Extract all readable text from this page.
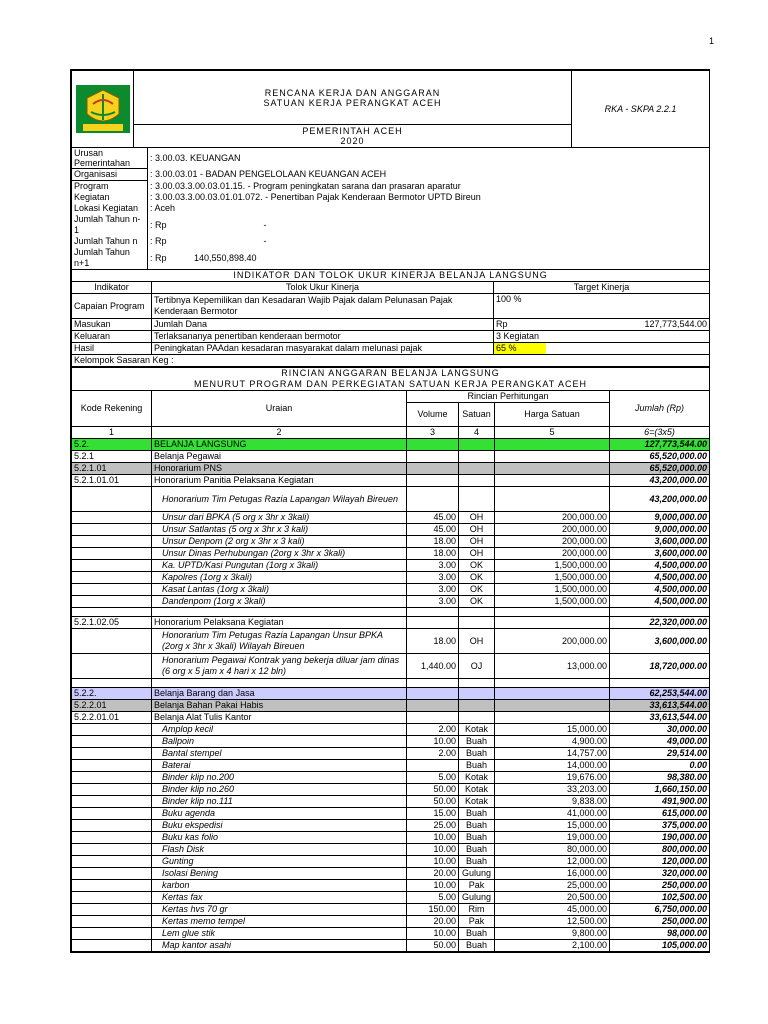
1

RENCANA KERJA DAN ANGGARAN
SATUAN KERJA PERANGKAT ACEH
	RKA - SKPA 2.2.1

PEMERINTAH ACEH
2020
Urusan Pemerintahan	: 3.00.03. KEUANGAN
Organisasi	: 3.00.03.01 - BADAN PENGELOLAAN KEUANGAN ACEH
Program	: 3.00.03.3.00.03.01.15. - Program peningkatan sarana dan prasaran aparatur
Kegiatan	: 3.00.03.3.00.03.01.01.072. - Penertiban Pajak Kenderaan Bermotor UPTD Bireun
Lokasi Kegiatan	: Aceh
Jumlah Tahun n-1	: Rp -
Jumlah Tahun n	: Rp -
Jumlah Tahun n+1	: Rp 140,550,898.40
INDIKATOR DAN TOLOK UKUR KINERJA BELANJA LANGSUNG			
Indikator	Tolok Ukur Kinerja	Target Kinerja	
Capaian Program	Tertibnya Kepemilikan dan Kesadaran Wajib Pajak dalam Pelunasan Pajak Kenderaan Bermotor	100 %	
Masukan	Jumlah Dana	Rp	127,773,544.00
Keluaran	Terlaksananya penertiban kenderaan bermotor	3 Kegiatan	
Hasil	Peningkatan PAAdan kesadaran masyarakat dalam melunasi pajak	65 %	
Kelompok Sasaran Keg :			
RINCIAN ANGGARAN BELANJA LANGSUNG					
MENURUT PROGRAM DAN PERKEGIATAN SATUAN KERJA PERANGKAT ACEH					
Kode Rekening	Uraian	Rincian Perhitungan			Jumlah (Rp)
		Volume	Satuan	Harga Satuan	
1	2	3	4	5	6=(3x5)
5.2.	BELANJA LANGSUNG				127,773,544.00
5.2.1	Belanja Pegawai				65,520,000.00
5.2.1.01	Honorarium PNS				65,520,000.00
5.2.1.01.01	Honorarium Panitia Pelaksana Kegiatan				43,200,000.00
	Honorarium Tim Petugas Razia Lapangan Wilayah Bireuen				43,200,000.00
	Unsur dari BPKA (5 org x 3hr x 3kali)	45.00	OH	200,000.00	9,000,000.00
	Unsur Satlantas (5 org x 3hr x 3 kali)	45.00	OH	200,000.00	9,000,000.00
	Unsur Denpom (2 org x 3hr x 3 kali)	18.00	OH	200,000.00	3,600,000.00
	Unsur Dinas Perhubungan (2org x 3hr x 3kali)	18.00	OH	200,000.00	3,600,000.00
	Ka. UPTD/Kasi Pungutan (1org x 3kali)	3.00	OK	1,500,000.00	4,500,000.00
	Kapolres (1org x 3kali)	3.00	OK	1,500,000.00	4,500,000.00
	Kasat Lantas (1org x 3kali)	3.00	OK	1,500,000.00	4,500,000.00
	Dandenpom (1org x 3kali)	3.00	OK	1,500,000.00	4,500,000.00

5.2.1.02.05	Honorarium Pelaksana Kegiatan				22,320,000.00
	Honorarium Tim Petugas Razia Lapangan Unsur BPKA (2org x 3hr x 3kali) Wilayah Bireuen	18.00	OH	200,000.00	3,600,000.00
	Honorarium Pegawai Kontrak yang bekerja diluar jam dinas (6 org x 5 jam x 4 hari x 12 bln)	1,440.00	OJ	13,000.00	18,720,000.00

5.2.2.	Belanja Barang dan Jasa				62,253,544.00
5.2.2.01	Belanja Bahan Pakai Habis				33,613,544.00
5.2.2.01.01	Belanja Alat Tulis Kantor				33,613,544.00
	Amplop kecil	2.00	Kotak	15,000.00	30,000.00
	Ballpoin	10.00	Buah	4,900.00	49,000.00
	Bantal stempel	2.00	Buah	14,757.00	29,514.00
	Baterai		Buah	14,000.00	0.00
	Binder klip no.200	5.00	Kotak	19,676.00	98,380.00
	Binder klip no.260	50.00	Kotak	33,203.00	1,660,150.00
	Binder klip no.111	50.00	Kotak	9,838.00	491,900.00
	Buku agenda	15.00	Buah	41,000.00	615,000.00
	Buku ekspedisi	25.00	Buah	15,000.00	375,000.00
	Buku kas folio	10.00	Buah	19,000.00	190,000.00
	Flash Disk	10.00	Buah	80,000.00	800,000.00
	Gunting	10.00	Buah	12,000.00	120,000.00
	Isolasi Bening	20.00	Gulung	16,000.00	320,000.00
	karbon	10.00	Pak	25,000.00	250,000.00
	Kertas fax	5.00	Gulung	20,500.00	102,500.00
	Kertas hvs 70 gr	150.00	Rim	45,000.00	6,750,000.00
	Kertas memo tempel	20.00	Pak	12,500.00	250,000.00
	Lem glue stik	10.00	Buah	9,800.00	98,000.00
	Map kantor asahi	50.00	Buah	2,100.00	105,000.00
